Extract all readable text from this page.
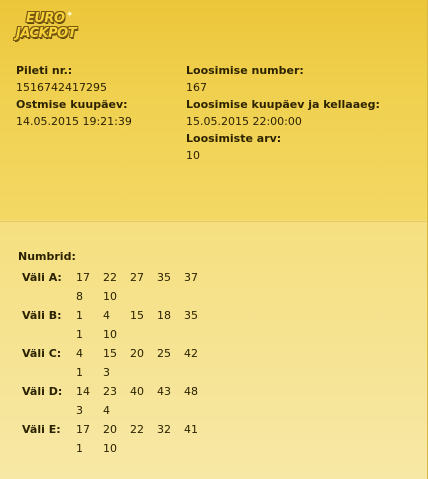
EURO ✦
JACKPOT
Pileti nr.:
1516742417295
Ostmise kuupäev:
14.05.2015 19:21:39
Loosimise number:
167
Loosimise kuupäev ja kellaaeg:
15.05.2015 22:00:00
Loosimiste arv:
10
Numbrid:
Väli A:	17	22	27	35	37
8	10
Väli B:	1	4	15	18	35
1	10
Väli C:	4	15	20	25	42
1	3
Väli D:	14	23	40	43	48
3	4
Väli E:	17	20	22	32	41
1	10
